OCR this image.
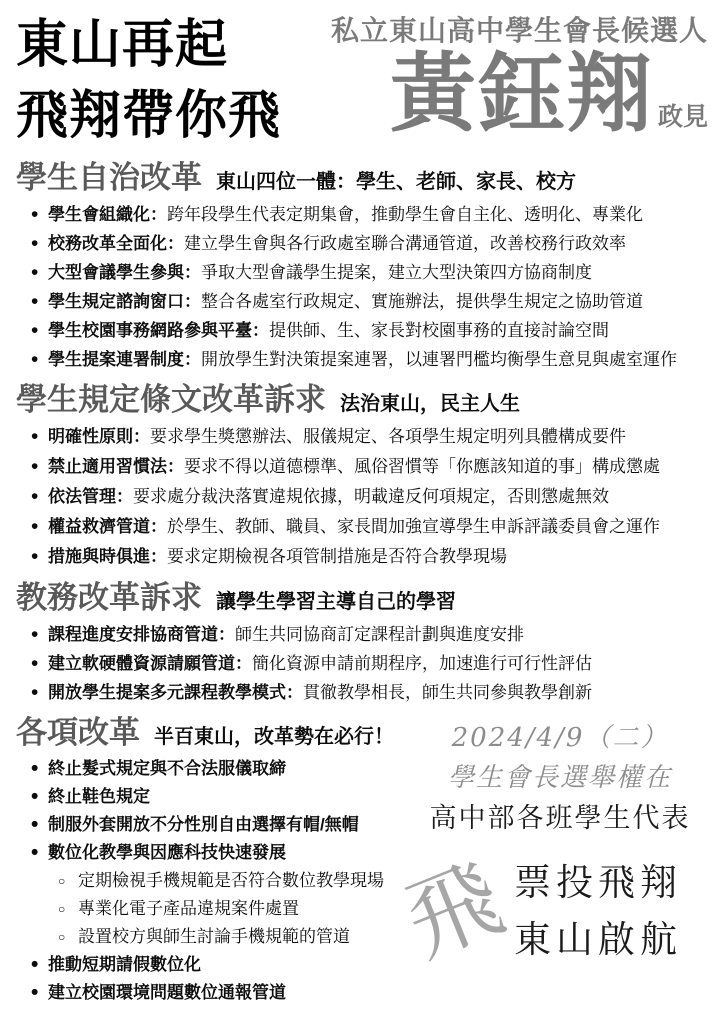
東山再起
飛翔帶你飛
私立東山高中學生會長候選人
黃鈺翔 政見
學生自治改革 東山四位一體：學生、老師、家長、校方
• 學生會組織化：跨年段學生代表定期集會，推動學生會自主化、透明化、專業化
• 校務改革全面化：建立學生會與各行政處室聯合溝通管道，改善校務行政效率
• 大型會議學生參與：爭取大型會議學生提案，建立大型決策四方協商制度
• 學生規定諮詢窗口：整合各處室行政規定、實施辦法，提供學生規定之協助管道
• 學生校園事務網路參與平臺：提供師、生、家長對校園事務的直接討論空間
• 學生提案連署制度：開放學生對決策提案連署，以連署門檻均衡學生意見與處室運作
學生規定條文改革訴求 法治東山，民主人生
• 明確性原則：要求學生獎懲辦法、服儀規定、各項學生規定明列具體構成要件
• 禁止適用習慣法：要求不得以道德標準、風俗習慣等「你應該知道的事」構成懲處
• 依法管理：要求處分裁決落實違規依據，明載違反何項規定，否則懲處無效
• 權益救濟管道：於學生、教師、職員、家長間加強宣導學生申訴評議委員會之運作
• 措施與時俱進：要求定期檢視各項管制措施是否符合教學現場
教務改革訴求 讓學生學習主導自己的學習
• 課程進度安排協商管道：師生共同協商訂定課程計劃與進度安排
• 建立軟硬體資源請願管道：簡化資源申請前期程序，加速進行可行性評估
• 開放學生提案多元課程教學模式：貫徹教學相長，師生共同參與教學創新
各項改革 半百東山，改革勢在必行！
• 終止髮式規定與不合法服儀取締
• 終止鞋色規定
• 制服外套開放不分性別自由選擇有帽/無帽
• 數位化教學與因應科技快速發展
○ 定期檢視手機規範是否符合數位教學現場
○ 專業化電子產品違規案件處置
○ 設置校方與師生討論手機規範的管道
• 推動短期請假數位化
• 建立校園環境問題數位通報管道
2024/4/9（二）
學生會長選舉權在
高中部各班學生代表
飛
票投飛翔
東山啟航
